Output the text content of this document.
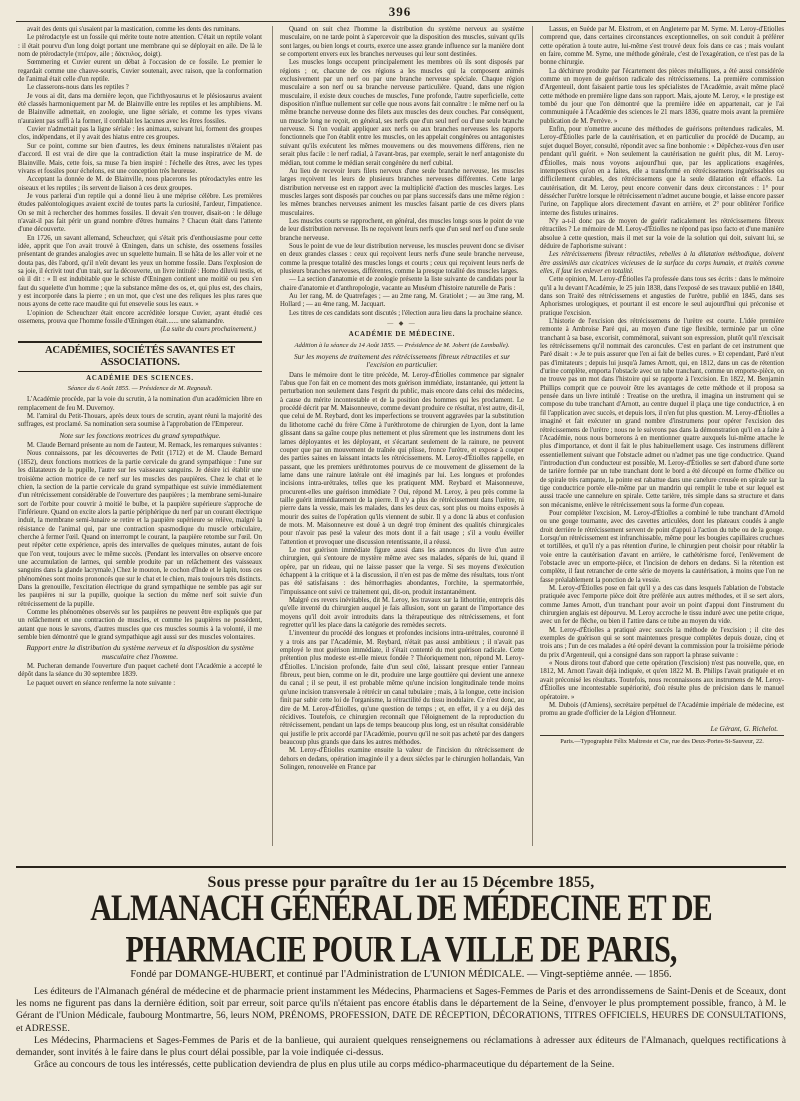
396

avait des dents qui s'usaient par la mastication, comme les dents des ruminans.

Le ptérodactyle est un fossile qui mérite toute notre attention. C'était un reptile volant : il était pourvu d'un long doigt portant une membrane qui se déployait en aile. De là le nom de ptérodactyle (πτέρον, aile ; δάκτυλος, doigt).

Sœmmering et Cuvier eurent un débat à l'occasion de ce fossile. Le premier le regardait comme une chauve-souris, Cuvier soutenait, avec raison, que la conformation de l'animal était celle d'un reptile.

Le classerons-nous dans les reptiles ?

Je vous ai dit, dans ma dernière leçon, que l'ichthyosaurus et le plésiosaurus avaient été classés harmoniquement par M. de Blainville entre les reptiles et les amphibiens. M. de Blainville admettait, en zoologie, une ligne sériale, et comme les types vivans n'auraient pas suffi à la former, il comblait les lacunes avec les êtres fossiles.

Cuvier n'admettait pas la ligne sériale : les animaux, suivant lui, forment des groupes clos, indépendans, et il y avait des hiatus entre ces groupes.

Sur ce point, comme sur bien d'autres, les deux éminens naturalistes n'étaient pas d'accord. Il est vrai de dire que la contradiction était la muse inspiratrice de M. de Blainville. Mais, cette fois, sa muse l'a bien inspiré : l'échelle des êtres, avec les types vivans et fossiles pour échelons, est une conception très heureuse.

Acceptant la donnée de M. de Blainville, nous placerons les ptérodactyles entre les oiseaux et les reptiles ; ils servent de liaison à ces deux groupes.

Je vous parlerai d'un reptile qui a donné lieu à une méprise célèbre. Les premières études paléontologiques avaient excité de toutes parts la curiosité, l'ardeur, l'impatience. On se mit à rechercher des hommes fossiles. Il devait s'en trouver, disait-on : le déluge n'avait-il pas fait périr un grand nombre d'êtres humains ? Chacun était dans l'attente d'une découverte.

En 1726, un savant allemand, Scheuchzer, qui s'était pris d'enthousiasme pour cette idée, apprit que l'on avait trouvé à Œningen, dans un schiste, des ossemens fossiles présentant de grandes analogies avec un squelette humain. Il se hâta de les aller voir et ne douta pas, dès l'abord, qu'il n'eût devant les yeux un homme fossile. Dans l'explosion de sa joie, il écrivit tout d'un trait, sur la découverte, un livre intitulé : Homo diluvii testis, et où il dit : « Il est indubitable que le schiste d'Œningen contient une moitié ou peu s'en faut du squelette d'un homme ; que la substance même des os, et, qui plus est, des chairs, y est incorporée dans la pierre ; en un mot, que c'est une des reliques les plus rares que nous ayons de cette race maudite qui fut ensevelie sous les eaux. »

L'opinion de Scheuchzer était encore accréditée lorsque Cuvier, ayant étudié ces ossemens, prouva que l'homme fossile d'Œningen était....... une salamandre.

(La suite du cours prochainement.)
ACADÉMIES, SOCIÉTÉS SAVANTES ET ASSOCIATIONS.
ACADÉMIE DES SCIENCES.
Séance du 6 Août 1855. — Présidence de M. Regnault.

L'Académie procède, par la voie du scrutin, à la nomination d'un académicien libre en remplacement de feu M. Duvernoy.

M. l'amiral du Petit-Thouars, après deux tours de scrutin, ayant réuni la majorité des suffrages, est proclamé. Sa nomination sera soumise à l'approbation de l'Empereur.

Note sur les fonctions motrices du grand sympathique.

M. Claude Bernard présente au nom de l'auteur, M. Remack, les remarques suivantes :

Nous connaissons, par les découvertes de Petit (1712) et de M. Claude Bernard (1852), deux fonctions motrices de la partie cervicale du grand sympathique : l'une sur les dilatateurs de la pupille, l'autre sur les vaisseaux sanguins. Je désire ici établir une troisième action motrice de ce nerf sur les muscles des paupières. Chez le chat et le chien, la section de la partie cervicale du grand sympathique est suivie immédiatement d'un rétrécissement considérable de l'ouverture des paupières ; la membrane semi-lunaire sort de l'orbite pour couvrir à moitié le bulbe, et la paupière supérieure s'approche de l'inférieure. Quand on excite alors la partie périphérique du nerf par un courant électrique induit, la membrane semi-lunaire se retire et la paupière supérieure se relève, malgré la résistance de l'animal qui, par une contraction spasmodique du muscle orbiculaire, cherche à fermer l'œil. Quand on interrompt le courant, la paupière retombe sur l'œil. On peut répéter cette expérience, après des intervalles de quelques minutes, autant de fois que l'on veut, toujours avec le même succès. (Pendant les intervalles on observe encore une accumulation de larmes, qui semble produite par un relâchement des vaisseaux sanguins dans la glande lacrymale.) Chez le mouton, le cochon d'Inde et le lapin, tous ces phénomènes sont moins prononcés que sur le chat et le chien, mais toujours très distincts. Dans la grenouille, l'excitation électrique du grand sympathique ne semble pas agir sur les paupières ni sur la pupille, quoique la section du même nerf soit suivie d'un rétrécissement de la pupille.

Comme les phénomènes observés sur les paupières ne peuvent être expliqués que par un relâchement et une contraction de muscles, et comme les paupières ne possèdent, autant que nous le savons, d'autres muscles que ces muscles soumis à la volonté, il me semble bien démontré que le grand sympathique agit aussi sur des muscles volontaires.

Rapport entre la distribution du système nerveux et la disposition du système musculaire chez l'homme.

M. Pucheran demande l'ouverture d'un paquet cacheté dont l'Académie a accepté le dépôt dans la séance du 30 septembre 1839.

Le paquet ouvert en séance renferme la note suivante :

Quand on suit chez l'homme la distribution du système nerveux au système musculaire, on ne tarde point à s'apercevoir que la disposition des muscles, suivant qu'ils sont larges, ou bien longs et courts, exerce une assez grande influence sur la manière dont se comportent envers eux les branches nerveuses qui leur sont destinées.

Les muscles longs occupent principalement les membres où ils sont disposés par régions ; or, chacune de ces régions a les muscles qui la composent animés exclusivement par un nerf ou par une branche nerveuse spéciale. Chaque région musculaire a son nerf ou sa branche nerveuse particulière. Quand, dans une région musculaire, il existe deux couches de muscles, l'une profonde, l'autre superficielle, cette disposition n'influe nullement sur celle que nous avons fait connaître : le même nerf ou la même branche nerveuse donne des filets aux muscles des deux couches. Par conséquent, un muscle long ne reçoit, en général, ses nerfs que d'un seul nerf ou d'une seule branche nerveuse. Si l'on voulait appliquer aux nerfs ou aux branches nerveuses les rapports fonctionnels que l'on établit entre les muscles, on les appelait congénères ou antagonistes suivant qu'ils exécutent les mêmes mouvemens ou des mouvemens différens, rien ne serait plus facile : le nerf radial, à l'avant-bras, par exemple, serait le nerf antagoniste du médian, tout comme le médian serait congénère du nerf cubital.

Au lieu de recevoir leurs filets nerveux d'une seule branche nerveuse, les muscles larges reçoivent les leurs de plusieurs branches nerveuses différentes. Cette large distribution nerveuse est en rapport avec la multiplicité d'action des muscles larges. Les muscles larges sont disposés par couches ou par plans successifs dans une même région : les mêmes branches nerveuses animent les muscles faisant partie de ces divers plans musculaires.

Les muscles courts se rapprochent, en général, des muscles longs sous le point de vue de leur distribution nerveuse. Ils ne reçoivent leurs nerfs que d'un seul nerf ou d'une seule branche nerveuse.

Sous le point de vue de leur distribution nerveuse, les muscles peuvent donc se diviser en deux grandes classes : ceux qui reçoivent leurs nerfs d'une seule branche nerveuse, comme la presque totalité des muscles longs et courts ; ceux qui reçoivent leurs nerfs de plusieurs branches nerveuses, différentes, comme la presque totalité des muscles larges.

— La section d'anatomie et de zoologie présente la liste suivante de candidats pour la chaire d'anatomie et d'anthropologie, vacante au Muséum d'histoire naturelle de Paris :

Au 1er rang, M. de Quatrefages ; — au 2me rang, M. Gratiolet ; — au 3me rang, M. Hollard ; — au 4me rang, M. Jacquart.

Les titres de ces candidats sont discutés ; l'élection aura lieu dans la prochaine séance.

— ◆ —
ACADÉMIE DE MÉDECINE.
Addition à la séance du 14 Août 1855. — Présidence de M. Jobert (de Lamballe).
Sur les moyens de traitement des rétrécissemens fibreux rétractiles et sur l'excision en particulier.

Dans le mémoire dont le titre précède, M. Leroy-d'Étiolles commence par signaler l'abus que l'on fait en ce moment des mots guérison immédiate, instantanée, qui jettent la perturbation non seulement dans l'esprit du public, mais encore dans celui des médecins, à cause du mérite incontestable et de la position des hommes qui les proclament. Le procédé décrit par M. Maisonneuve, comme devant produire ce résultat, n'est autre, dit-il, que celui de M. Reybard, dont les imperfections se trouvent aggravées par la substitution du lithotome caché du frère Côme à l'uréthrotome de chirurgien de Lyon, dont la lame glissant dans sa gaîne coupe plus nettement et plus sûrement que les instrumens dont les lames déployantes et les déployant, et s'écartant seulement de la rainure, ne peuvent couper que par un mouvement de traînée qui plisse, fronce l'urètre, et expose à couper des parties saines en laissant intacts les rétrécissemens. M. Leroy-d'Étiolles rappelle, en passant, que les premiers uréthrotomes pourvus de ce mouvement de glissement de la lame dans une rainure latérale ont été imaginés par lui. Les longues et profondes incisions intra-urétrales, telles que les pratiquent MM. Reybard et Maisonneuve, procurent-elles une guérison immédiate ? Oui, répond M. Leroy, à peu près comme la taille guérit immédiatement de la pierre. Il n'y a plus de rétrécissement dans l'urètre, ni pierre dans la vessie, mais les malades, dans les deux cas, sont plus ou moins exposés à mourir des suites de l'opération qu'ils viennent de subir. Il y a donc là abus et confusion de mots. M. Maisonneuve est doué à un degré trop éminent des qualités chirurgicales pour n'avoir pas pesé la valeur des mots dont il a fait usage ; s'il a voulu éveiller l'attention et provoquer une discussion retentissante, il a réussi.

Le mot guérison immédiate figure aussi dans les annonces du livre d'un autre chirurgien, qui s'entoure de mystère même avec ses malades, séparés de lui, quand il opère, par un rideau, qui ne laisse passer que la verge. Si ses moyens d'exécution échappent à la critique et à la discussion, il n'en est pas de même des résultats, tous n'ont pas été satisfaisans : des hémorrhagies abondantes, l'orchite, la spermatorrhée, l'impuissance ont suivi ce traitement qui, dit-on, produit instantanément.

Malgré ces revers inévitables, dit M. Leroy, les travaux sur la lithotritie, entrepris dès qu'elle inventé du chirurgien auquel je fais allusion, sont un garant de l'importance des moyens qu'il doit avoir introduits dans la thérapeutique des rétrécissemens, et font regretter qu'il les place dans la catégorie des remèdes secrets.

L'inventeur du procédé des longues et profondes incisions intra-urétrales, couronné il y a trois ans par l'Académie, M. Reybard, n'était pas aussi ambitieux ; il n'avait pas employé le mot guérison immédiate, il s'était contenté du mot guérison radicale. Cette prétention plus modeste est-elle mieux fondée ? Théoriquement non, répond M. Leroy-d'Étiolles. L'incision profonde, faite d'un seul côté, laissant presque entier l'anneau fibreux, peut bien, comme on le dit, produire une large gouttière qui devient une annexe du canal ; il se peut, il est probable même qu'une incision longitudinale tende moins qu'une incision transversale à rétrécir un canal tubulaire ; mais, à la longue, cette incision finit par subir cette loi de l'organisme, la rétractilité du tissu inodulaire. Ce n'est donc, au dire de M. Leroy-d'Étiolles, qu'une question de temps ; et, en effet, il y a eu déjà des récidives. Toutefois, ce chirurgien reconnaît que l'éloignement de la reproduction du rétrécissement, pendant un laps de temps beaucoup plus long, est un résultat considérable qui justifie le prix accordé par l'Académie, pourvu qu'il ne soit pas acheté par des dangers beaucoup plus grands que dans les autres méthodes.

M. Leroy-d'Étiolles examine ensuite la valeur de l'incision du rétrécissement de dehors en dedans, opération imaginée il y a deux siècles par le chirurgien hollandais, Van Solingen, renouvelée en France par

Lassus, en Suède par M. Ekstrom, et en Angleterre par M. Syme. M. Leroy-d'Étiolles comprend que, dans certaines circonstances exceptionnelles, on soit conduit à préférer cette opération à toute autre, lui-même s'est trouvé deux fois dans ce cas ; mais voulant en faire, comme M. Syme, une méthode générale, c'est de l'exagération, ce n'est pas de la bonne chirurgie.

La déchirure produite par l'écartement des pièces métalliques, a été aussi considérée comme un moyen de guérison radicale des rétrécissemens. La première commission d'Argenteuil, dont faisaient partie tous les spécialistes de l'Académie, avait même placé cette méthode en première ligne dans son rapport. Mais, ajoute M. Leroy, « le prestige est tombé du jour que l'on démontré que la première idée en appartenait, car je l'ai communiquée à l'Académie des sciences le 21 mars 1836, quatre mois avant la première publication de M. Perrève. »

Enfin, pour n'omettre aucune des méthodes de guérisons prétendues radicales, M. Leroy-d'Étiolles parle de la cautérisation, et en particulier du procédé de Ducamp, au sujet duquel Boyer, consulté, répondit avec sa fine bonhomie : « Dépêchez-vous d'en user pendant qu'il guérit. » Non seulement la cautérisation ne guérit plus, dit M. Leroy-d'Étiolles, mais nous voyons aujourd'hui que, par les applications exagérées, intempestives qu'on en a faites, elle a transformé en rétrécissemens inguérissables ou difficilement curables, des rétrécissemens que la seule dilatation eût effacés. La cautérisation, dit M. Leroy, peut encore convenir dans deux circonstances : 1° pour déssécher l'urètre lorsque le rétrécissement n'admet aucune bougie, et laisse encore passer l'urine, on l'applique alors directement d'avant en arrière, et 2° pour oblitérer l'orifice interne des fistules urinaires.

N'y a-t-il donc pas de moyen de guérir radicalement les rétrécissemens fibreux rétractiles ? Le mémoire de M. Leroy-d'Étiolles ne répond pas ipso facto et d'une manière absolue à cette question, mais il met sur la voie de la solution qui doit, suivant lui, se déduire de l'aphorisme suivant :

Les rétrécissemens fibreux rétractiles, rebelles à la dilatation méthodique, doivent être assimilés aux cicatrices vicieuses de la surface du corps humain, et traités comme elles, il faut les enlever en totalité.

Cette opinion, M. Leroy-d'Étiolles l'a professée dans tous ses écrits : dans le mémoire qu'il a lu devant l'Académie, le 25 juin 1838, dans l'exposé de ses travaux publié en 1840, dans son Traité des rétrécissemens et angusties de l'urètre, publié en 1845, dans ses Aphorismes urologiques, et pourtant il est encore le seul aujourd'hui qui préconise et pratique l'excision.

L'historie de l'excision des rétrécissemens de l'urètre est courte. L'idée première remonte à Ambroise Paré qui, au moyen d'une tige flexible, terminée par un cône tranchant à sa base, excorisit, commémoral, suivant son expression, plutôt qu'il n'excisait les rétrécissemens qu'il nommait des caroncules. C'est en parlant de cet instrument que Paré disait : « Je te puis assurer que l'en ai fait de belles cures. » Et cependant, Paré n'eut pas d'imitateurs ; depuis lui jusqu'à James Arnott, qui, en 1812, dans un cas de rétention d'urine complète, emporta l'obstacle avec un tube tranchant, comme un emporte-pièce, on ne trouve pas un mot dans l'histoire qui se rapporte à l'excision. En 1822, M. Benjamin Phillips comprit que ce pouvoir être les avantages de cette méthode et il proposa sa pensée dans un livre intitulé : Treatise on the urethra, il imagina un instrument qui se compose du tube tranchant d'Arnott, au centre duquel il plaça une tige conductrice, à en fil l'application avec succès, et depuis lors, il n'en fut plus question. M. Leroy-d'Étiolles a imaginé et fait exécuter un grand nombre d'instrumens pour opérer l'excision des rétrécissemens de l'urètre ; nous ne le suivrons pas dans la démonstration qu'il en a faite à l'Académie, nous nous bornerons à en mentionner quatre auxquels lui-même attache le plus d'importance, et dont il fait le plus habituellement usage. Ces instrumens diffèrent essentiellement suivant que l'obstacle admet ou n'admet pas une tige conductrice. Quand l'introduction d'un conducteur est possible, M. Leroy-d'Étiolles se sert d'abord d'une sorte de tarière formée par un tube tranchant dont le bord a été découpé en forme d'hélice ou de spirale très rampante, la pointe est rabattue dans une canelure creusée en spirale sur la tige conductrice portée elle-même par un mandrin qui remplit le tube et sur lequel est aussi tracée une cannelure en spirale. Cette tarière, très simple dans sa structure et dans son mécanisme, enlève le rétrécissement sous la forme d'un copeau.

Pour compléter l'excision, M. Leroy-d'Étiolles a combiné le tube tranchant d'Arnold ou une gouge tournante, avec des cavettes articulées, dont les plateaux coudés à angle droit derrière le rétrécissement servent de point d'appui à l'action du tube ou de la gouge. Lorsqu'un rétrécissement est infranchissable, même pour les bougies capillaires cruchues et tortillées, et qu'il n'y a pas rétention d'urine, le chirurgien peut choisir pour rétablir la voie entre la cautérisation d'avant en arrière, le cathétérisme forcé, l'enlèvement de l'obstacle avec un emporte-pièce, et l'incision de dehors en dedans. Si la rétention est complète, il faut retrancher de cette série de moyens la cautérisation, à moins que l'on ne fasse préalablement la ponction de la vessie.

M. Leroy-d'Étiolles pose en fait qu'il y a des cas dans lesquels l'ablation de l'obstacle pratiquée avec l'emporte pièce doit être préférée aux autres méthodes, et il se sert alors, comme James Arnott, d'un tranchant pour avoir un point d'appui dont l'instrument du chirurgien anglais est dépourvu. M. Leroy accroche le tissu induré avec une petite crique, avec un fer de flèche, ou bien il l'attire dans ce tube au moyen du vide.

M. Leroy-d'Étiolles a pratiqué avec succès la méthode de l'excision ; il cite des exemples de guérison qui se sont maintenues presque complètes depuis douze, cinq et trois ans ; l'un de ces malades a été opéré devant la commission pour la troisième période du prix d'Argenteuil, qui a consigné dans son rapport la phrase suivante :

« Nous dirons tout d'abord que cette opération (l'excision) n'est pas nouvelle, que, en 1812, M. Arnott l'avait déjà indiquée, et qu'en 1822 M. B. Philips l'avait pratiquée et en avait préconisé les résultats. Toutefois, nous reconnaissons aux instrumens de M. Leroy-d'Étiolles une incontestable supériorité, d'où résulte plus de précision dans le manuel opératoire. »

M. Dubois (d'Amiens), secrétaire perpétuel de l'Académie impériale de médecine, est promu au grade d'officier de la Légion d'Honneur.

Le Gérant, G. Richelot.
Paris.—Typographie Félix Maltreste et Cie, rue des Deux-Portes-St-Sauveur, 22.
Sous presse pour paraître du 1er au 15 Décembre 1855,
ALMANACH GÉNÉRAL DE MÉDECINE ET DE PHARMACIE POUR LA VILLE DE PARIS,
Fondé par DOMANGE-HUBERT, et continué par l'Administration de L'UNION MÉDICALE. — Vingt-septième année. — 1856.

Les éditeurs de l'Almanach général de médecine et de pharmacie prient instamment les Médecins, Pharmaciens et Sages-Femmes de Paris et des arrondissemens de Saint-Denis et de Sceaux, dont les noms ne figurent pas dans la dernière édition, soit par erreur, soit parce qu'ils n'étaient pas encore établis dans le département de la Seine, d'envoyer le plus promptement possible, franco, à M. le Gérant de l'Union Médicale, faubourg Montmartre, 56, leurs NOM, PRÉNOMS, PROFESSION, DATE DE RÉCEPTION, DÉCORATIONS, TITRES OFFICIELS, HEURES DE CONSULTATIONS, et ADRESSE.

Les Médecins, Pharmaciens et Sages-Femmes de Paris et de la banlieue, qui auraient quelques renseignemens ou réclamations à adresser aux éditeurs de l'Almanach, quelques rectifications à demander, sont invités à le faire dans le plus court délai possible, par la voie indiquée ci-dessus.

Grâce au concours de tous les intéressés, cette publication deviendra de plus en plus utile au corps médico-pharmaceutique du département de la Seine.
